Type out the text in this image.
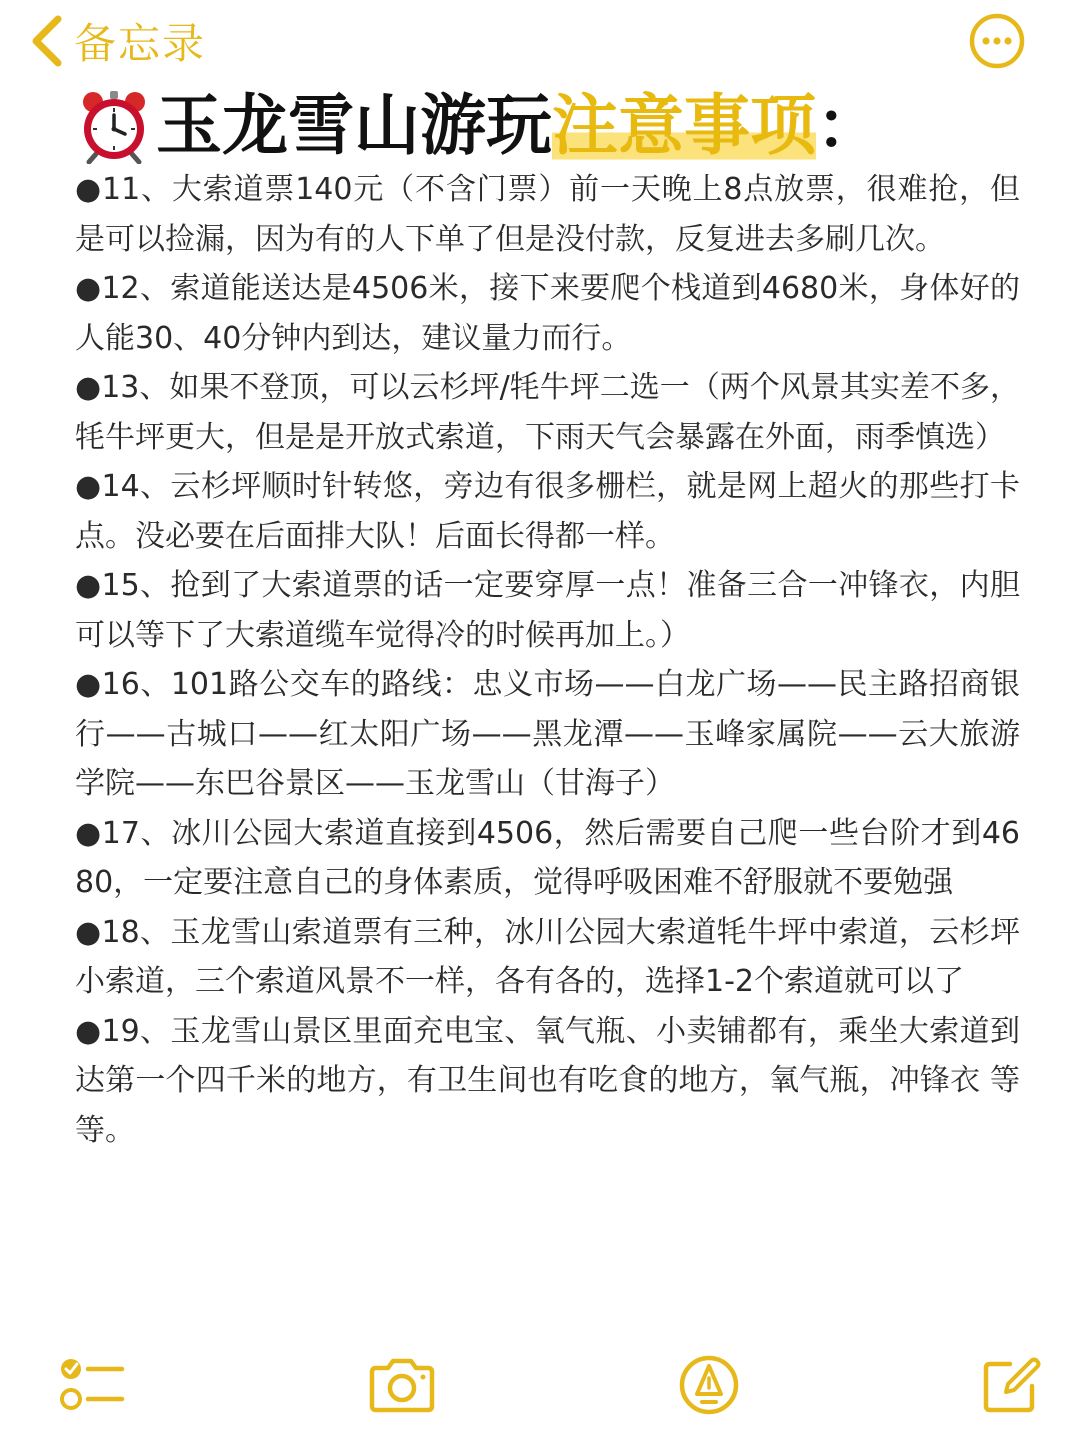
备忘录
玉龙雪山游玩 注意事项 ：

●11、大索道票140元（不含门票）前一天晚上8点放票，很难抢，但是可以捡漏，因为有的人下单了但是没付款，反复进去多刷几次。

●12、索道能送达是4506米，接下来要爬个栈道到4680米，身体好的人能30、40分钟内到达，建议量力而行。

●13、如果不登顶，可以云杉坪/牦牛坪二选一（两个风景其实差不多，牦牛坪更大，但是是开放式索道，下雨天气会暴露在外面，雨季慎选）

●14、云杉坪顺时针转悠，旁边有很多栅栏，就是网上超火的那些打卡点。没必要在后面排大队！后面长得都一样。

●15、抢到了大索道票的话一定要穿厚一点！准备三合一冲锋衣，内胆可以等下了大索道缆车觉得冷的时候再加上。）

●16、101路公交车的路线：忠义市场——白龙广场——民主路招商银行——古城口——红太阳广场——黑龙潭——玉峰家属院——云大旅游学院——东巴谷景区——玉龙雪山（甘海子）

●17、冰川公园大索道直接到4506，然后需要自己爬一些台阶才到4680，一定要注意自己的身体素质，觉得呼吸困难不舒服就不要勉强

●18、玉龙雪山索道票有三种，冰川公园大索道牦牛坪中索道，云杉坪小索道，三个索道风景不一样，各有各的，选择1-2个索道就可以了

●19、玉龙雪山景区里面充电宝、氧气瓶、小卖铺都有，乘坐大索道到达第一个四千米的地方，有卫生间也有吃食的地方，氧气瓶，冲锋衣 等等。
